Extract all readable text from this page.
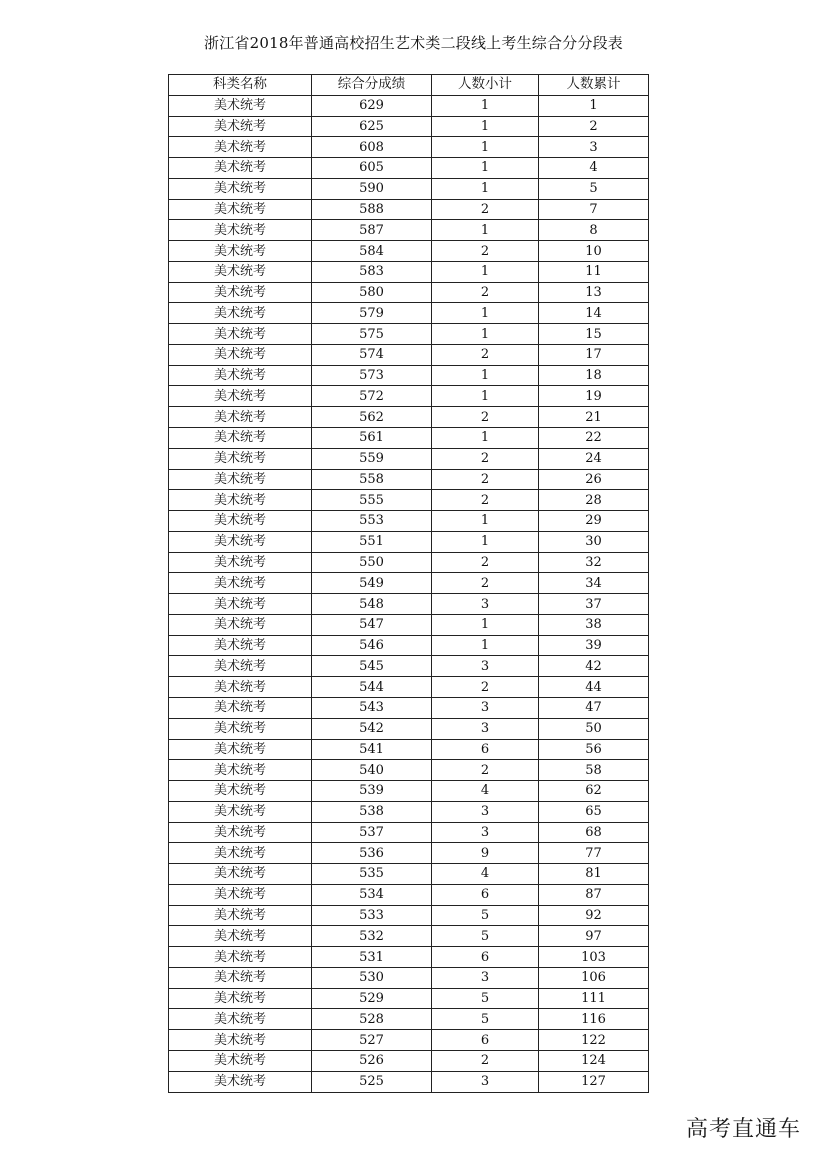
浙江省2018年普通高校招生艺术类二段线上考生综合分分段表
科类名称	综合分成绩	人数小计	人数累计
美术统考	629	1	1
美术统考	625	1	2
美术统考	608	1	3
美术统考	605	1	4
美术统考	590	1	5
美术统考	588	2	7
美术统考	587	1	8
美术统考	584	2	10
美术统考	583	1	11
美术统考	580	2	13
美术统考	579	1	14
美术统考	575	1	15
美术统考	574	2	17
美术统考	573	1	18
美术统考	572	1	19
美术统考	562	2	21
美术统考	561	1	22
美术统考	559	2	24
美术统考	558	2	26
美术统考	555	2	28
美术统考	553	1	29
美术统考	551	1	30
美术统考	550	2	32
美术统考	549	2	34
美术统考	548	3	37
美术统考	547	1	38
美术统考	546	1	39
美术统考	545	3	42
美术统考	544	2	44
美术统考	543	3	47
美术统考	542	3	50
美术统考	541	6	56
美术统考	540	2	58
美术统考	539	4	62
美术统考	538	3	65
美术统考	537	3	68
美术统考	536	9	77
美术统考	535	4	81
美术统考	534	6	87
美术统考	533	5	92
美术统考	532	5	97
美术统考	531	6	103
美术统考	530	3	106
美术统考	529	5	111
美术统考	528	5	116
美术统考	527	6	122
美术统考	526	2	124
美术统考	525	3	127
高考直通车
